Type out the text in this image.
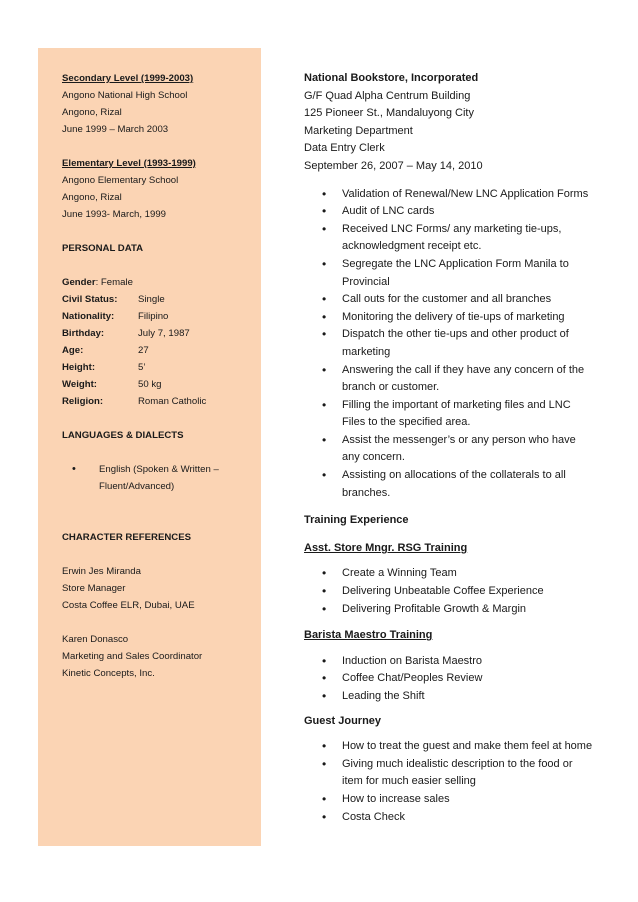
Secondary Level (1999-2003)
Angono National High School
Angono, Rizal
June 1999 – March 2003
Elementary Level (1993-1999)
Angono Elementary School
Angono, Rizal
June 1993- March, 1999
PERSONAL DATA
Gender: Female
Civil Status:	Single
Nationality:	Filipino
Birthday:	July 7, 1987
Age:	27
Height:	5’
Weight:	50 kg
Religion:	Roman Catholic
LANGUAGES & DIALECTS
• English (Spoken & Written – Fluent/Advanced)
CHARACTER REFERENCES
Erwin Jes Miranda
Store Manager
Costa Coffee ELR, Dubai, UAE
Karen Donasco
Marketing and Sales Coordinator
Kinetic Concepts, Inc.
National Bookstore, Incorporated
G/F Quad Alpha Centrum Building
125 Pioneer St., Mandaluyong City
Marketing Department
Data Entry Clerk
September 26, 2007 – May 14, 2010
• Validation of Renewal/New LNC Application Forms
• Audit of LNC cards
• Received LNC Forms/ any marketing tie-ups, acknowledgment receipt etc.
• Segregate the LNC Application Form Manila to Provincial
• Call outs for the customer and all branches
• Monitoring the delivery of tie-ups of marketing
• Dispatch the other tie-ups and other product of marketing
• Answering the call if they have any concern of the branch or customer.
• Filling the important of marketing files and LNC Files to the specified area.
• Assist the messenger’s or any person who have any concern.
• Assisting on allocations of the collaterals to all branches.
Training Experience
Asst. Store Mngr. RSG Training
• Create a Winning Team
• Delivering Unbeatable Coffee Experience
• Delivering Profitable Growth & Margin
Barista Maestro Training
• Induction on Barista Maestro
• Coffee Chat/Peoples Review
• Leading the Shift
Guest Journey
• How to treat the guest and make them feel at home
• Giving much idealistic description to the food or item for much easier selling
• How to increase sales
• Costa Check
